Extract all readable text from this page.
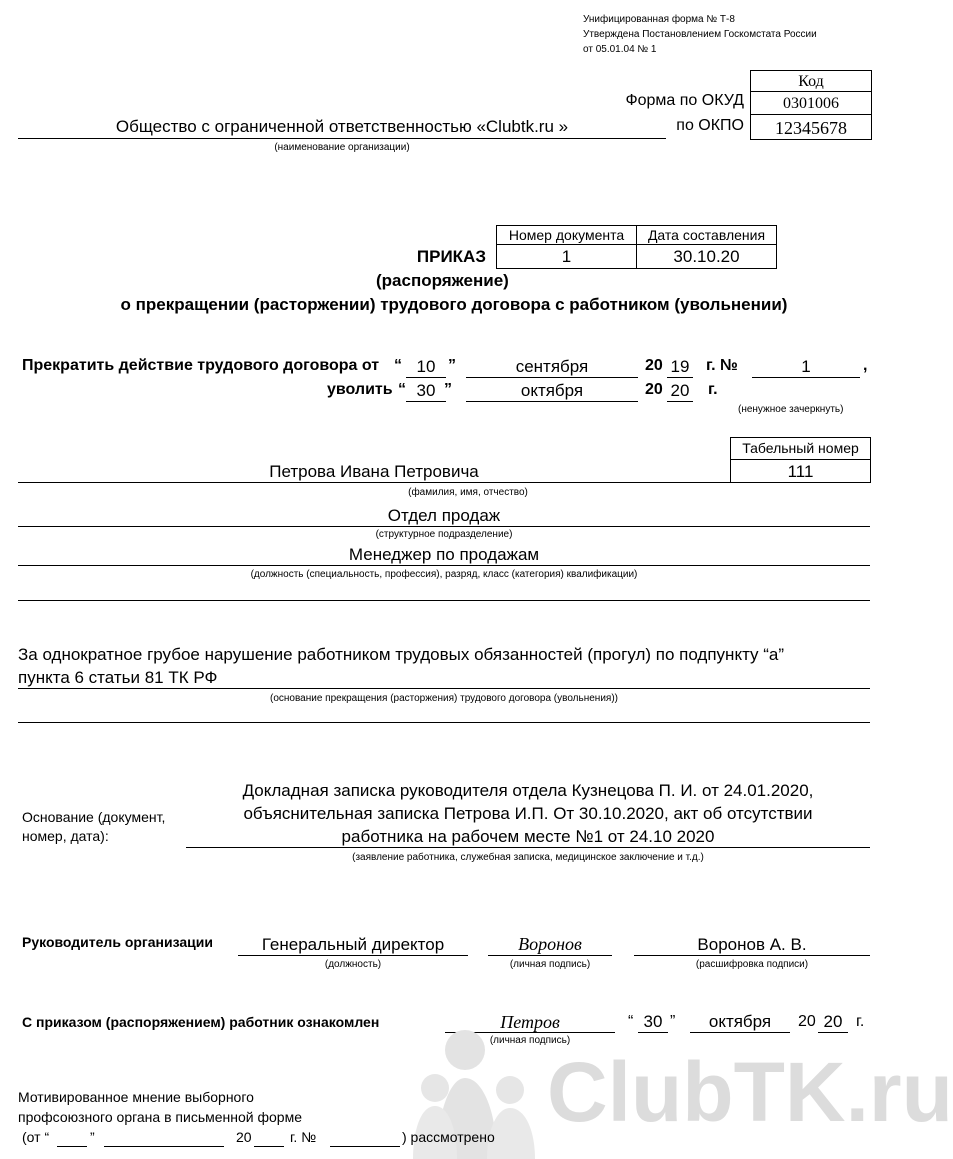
Унифицированная форма № Т-8
Утверждена Постановлением Госкомстата России
от 05.01.04 № 1
Код
Форма по ОКУД	0301006
по ОКПО	12345678
Общество с ограниченной ответственностью «Clubtk.ru »
(наименование организации)
Номер документа	Дата составления
1	30.10.20
ПРИКАЗ
(распоряжение)
о прекращении (расторжении) трудового договора с работником (увольнении)
Прекратить действие трудового договора от “ 10 ”	сентября	20 19 г. №	1	,
уволить “ 30 ”	октября	20 20 г.
(ненужное зачеркнуть)
Табельный номер
111
Петрова Ивана Петровича
(фамилия, имя, отчество)
Отдел продаж
(структурное подразделение)
Менеджер по продажам
(должность (специальность, профессия), разряд, класс (категория) квалификации)
За однократное грубое нарушение работником трудовых обязанностей (прогул) по подпункту “а”
пункта 6 статьи 81 ТК РФ
(основание прекращения (расторжения) трудового договора (увольнения))
Основание (документ,
номер, дата):
Докладная записка руководителя отдела Кузнецова П. И. от 24.01.2020,
объяснительная записка Петрова И.П. От 30.10.2020, акт об отсутствии
работника на рабочем месте №1 от 24.10 2020
(заявление работника, служебная записка, медицинское заключение и т.д.)
Руководитель организации	Генеральный директор
(должность)
Воронов
(личная подпись)
Воронов А. В.
(расшифровка подписи)
С приказом (распоряжением) работник ознакомлен	Петров
(личная подпись)
“ 30 ”	октября	20 20 г.
ClubTK.ru
Мотивированное мнение выборного
профсоюзного органа в письменной форме
(от “	”	20	г. №	) рассмотрено
